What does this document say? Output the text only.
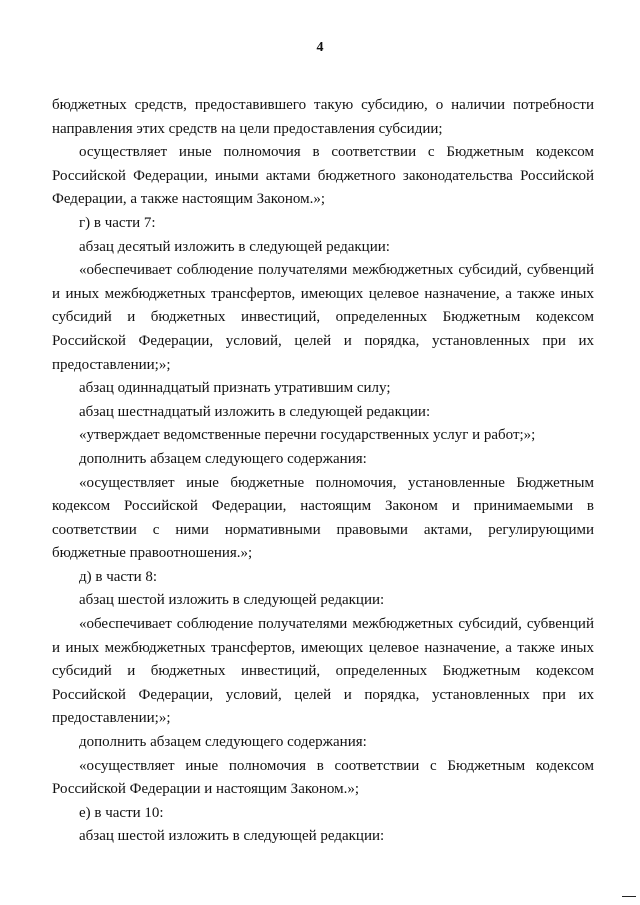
4

бюджетных средств, предоставившего такую субсидию, о наличии потребности направления этих средств на цели предоставления субсидии;

осуществляет иные полномочия в соответствии с Бюджетным кодексом Российской Федерации, иными актами бюджетного законодательства Российской Федерации, а также настоящим Законом.»;

г) в части 7:

абзац десятый изложить в следующей редакции:

«обеспечивает соблюдение получателями межбюджетных субсидий, субвенций и иных межбюджетных трансфертов, имеющих целевое назначение, а также иных субсидий и бюджетных инвестиций, определенных Бюджетным кодексом Российской Федерации, условий, целей и порядка, установленных при их предоставлении;»;

абзац одиннадцатый признать утратившим силу;

абзац шестнадцатый изложить в следующей редакции:

«утверждает ведомственные перечни государственных услуг и работ;»;

дополнить абзацем следующего содержания:

«осуществляет иные бюджетные полномочия, установленные Бюджетным кодексом Российской Федерации, настоящим Законом и принимаемыми в соответствии с ними нормативными правовыми актами, регулирующими бюджетные правоотношения.»;

д) в части 8:

абзац шестой изложить в следующей редакции:

«обеспечивает соблюдение получателями межбюджетных субсидий, субвенций и иных межбюджетных трансфертов, имеющих целевое назначение, а также иных субсидий и бюджетных инвестиций, определенных Бюджетным кодексом Российской Федерации, условий, целей и порядка, установленных при их предоставлении;»;

дополнить абзацем следующего содержания:

«осуществляет иные полномочия в соответствии с Бюджетным кодексом Российской Федерации и настоящим Законом.»;

е) в части 10:

абзац шестой изложить в следующей редакции:
